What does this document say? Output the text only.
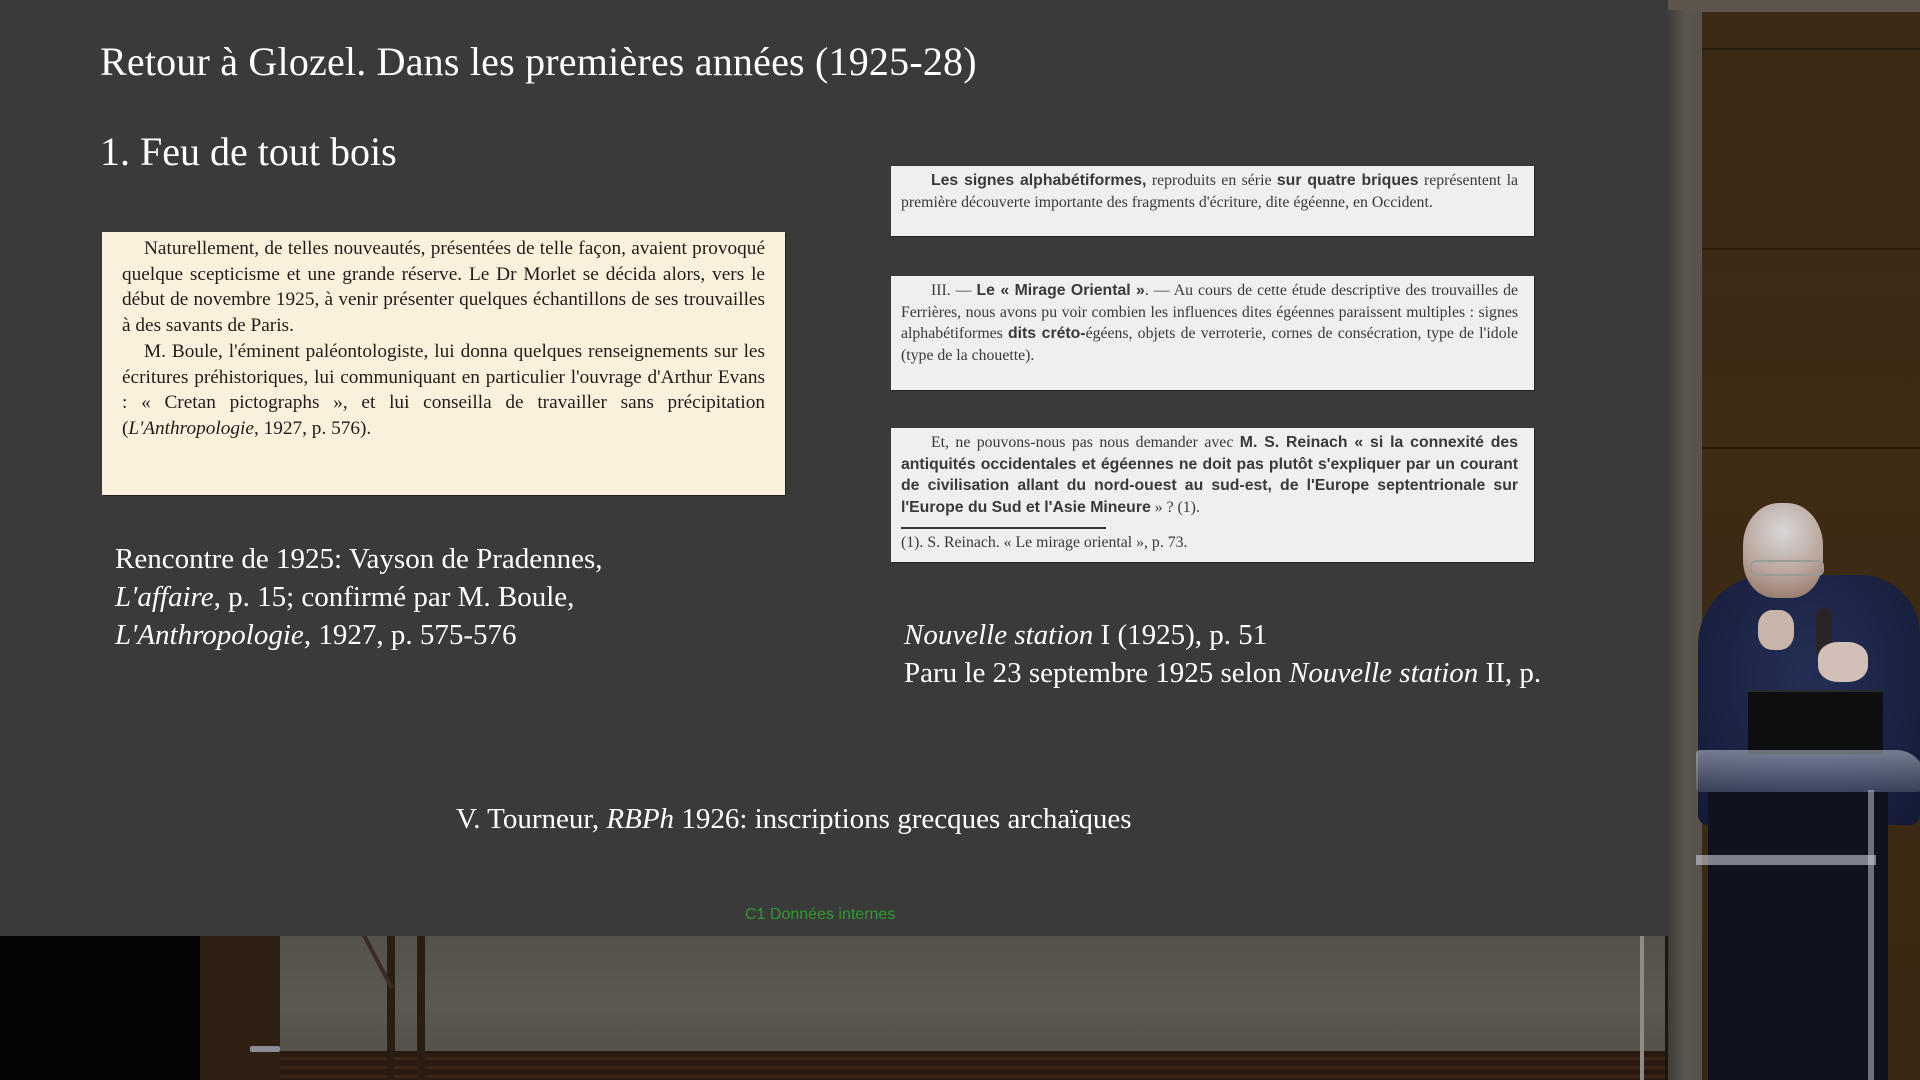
Retour à Glozel. Dans les premières années (1925-28)
1. Feu de tout bois

Naturellement, de telles nouveautés, présentées de telle façon, avaient provoqué quelque scepticisme et une grande réserve. Le Dr Morlet se décida alors, vers le début de novembre 1925, à venir présenter quelques échantillons de ses trouvailles à des savants de Paris.

M. Boule, l'éminent paléontologiste, lui donna quelques renseignements sur les écritures préhistoriques, lui communiquant en particulier l'ouvrage d'Arthur Evans : « Cretan pictographs », et lui conseilla de travailler sans précipitation (L'Anthropologie, 1927, p. 576).

Les signes alphabétiformes, reproduits en série sur quatre briques représentent la première découverte importante des fragments d'écriture, dite égéenne, en Occident.

III. — Le « Mirage Oriental ». — Au cours de cette étude descriptive des trouvailles de Ferrières, nous avons pu voir combien les influences dites égéennes paraissent multiples : signes alphabétiformes dits créto-égéens, objets de verroterie, cornes de consécration, type de l'idole (type de la chouette).

Et, ne pouvons-nous pas nous demander avec M. S. Reinach « si la connexité des antiquités occidentales et égéennes ne doit pas plutôt s'expliquer par un courant de civilisation allant du nord-ouest au sud-est, de l'Europe septentrionale sur l'Europe du Sud et l'Asie Mineure » ? (1).

(1). S. Reinach. « Le mirage oriental », p. 73.

Rencontre de 1925: Vayson de Pradennes, L'affaire, p. 15; confirmé par M. Boule, L'Anthropologie, 1927, p. 575-576	Nouvelle station I (1925), p. 51
Paru le 23 septembre 1925 selon Nouvelle station II, p.
V. Tourneur, RBPh 1926: inscriptions grecques archaïques
C1 Données internes
